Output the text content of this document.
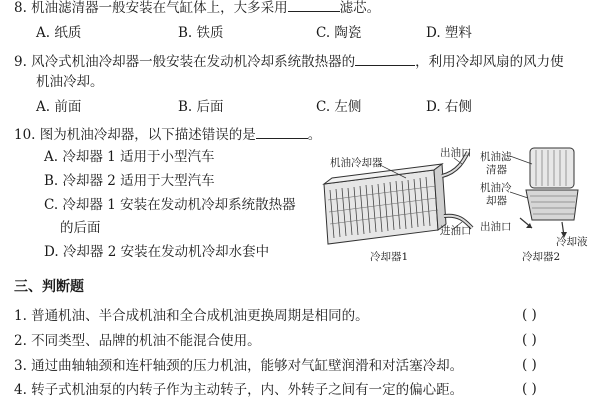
8. 机油滤清器一般安装在气缸体上，大多采用	滤芯。
A. 纸质	B. 铁质	C. 陶瓷	D. 塑料
9. 风冷式机油冷却器一般安装在发动机冷却系统散热器的	，利用冷却风扇的风力使
机油冷却。
A. 前面	B. 后面	C. 左侧	D. 右侧
10. 图为机油冷却器，以下描述错误的是	。
A. 冷却器 1 适用于小型汽车
B. 冷却器 2 适用于大型汽车
C. 冷却器 1 安装在发动机冷却系统散热器
的后面
D. 冷却器 2 安装在发动机冷却水套中
机油冷却器
出油口
进油口
冷却器1
机油滤
清器
机油冷
却器
出油口
冷却液
冷却器2
三、判断题
1. 普通机油、半合成机油和全合成机油更换周期是相同的。	( )
2. 不同类型、品牌的机油不能混合使用。	( )
3. 通过曲轴轴颈和连杆轴颈的压力机油，能够对气缸壁润滑和对活塞冷却。	( )
4. 转子式机油泵的内转子作为主动转子，内、外转子之间有一定的偏心距。	( )
